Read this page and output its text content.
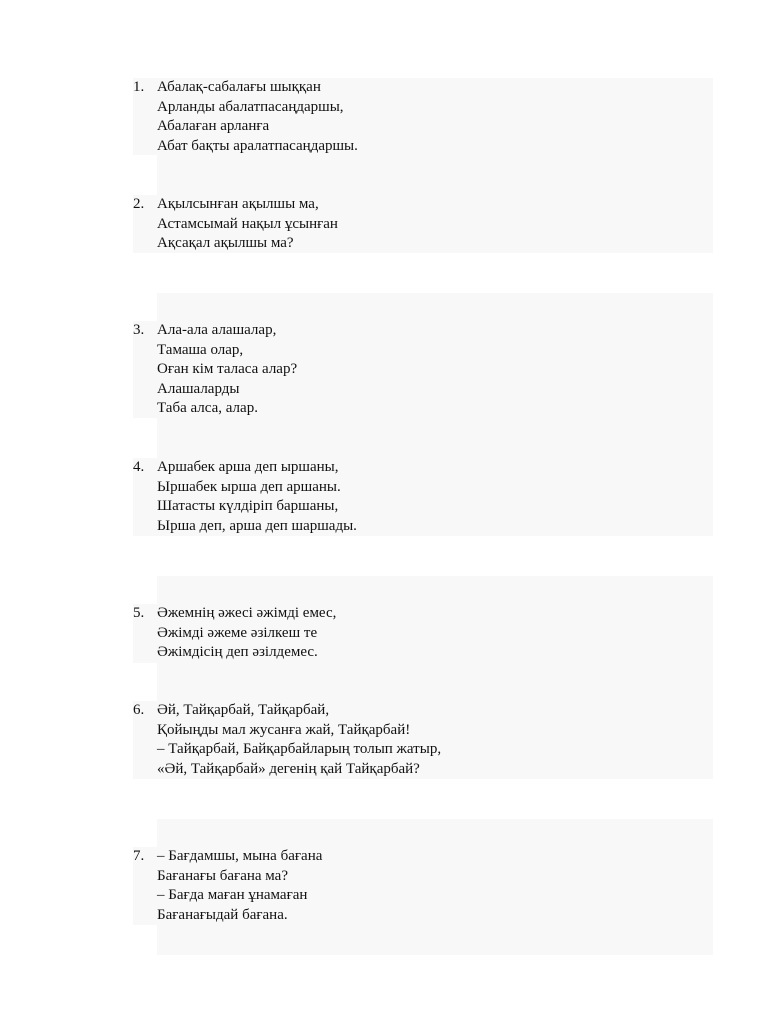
1. Абалақ-сабалағы шыққан
Арланды абалатпасаңдаршы,
Абалаған арланға
Абат бақты аралатпасаңдаршы.
2. Ақылсынған ақылшы ма,
Астамсымай нақыл ұсынған
Ақсақал ақылшы ма?
3. Ала-ала алашалар,
Тамаша олар,
Оған кім таласа алар?
Алашаларды
Таба алса, алар.
4. Аршабек арша деп ыршаны,
Ыршабек ырша деп аршаны.
Шатасты күлдіріп баршаны,
Ырша деп, арша деп шаршады.
5. Әжемнің әжесі әжімді емес,
Әжімді әжеме әзілкеш те
Әжімдісің деп әзілдемес.
6. Әй, Тайқарбай, Тайқарбай,
Қойыңды мал жусанға жай, Тайқарбай!
– Тайқарбай, Байқарбайларың толып жатыр,
«Әй, Тайқарбай» дегенің қай Тайқарбай?
7. – Бағдамшы, мына бағана
Бағанағы бағана ма?
– Бағда маған ұнамаған
Бағанағыдай бағана.
